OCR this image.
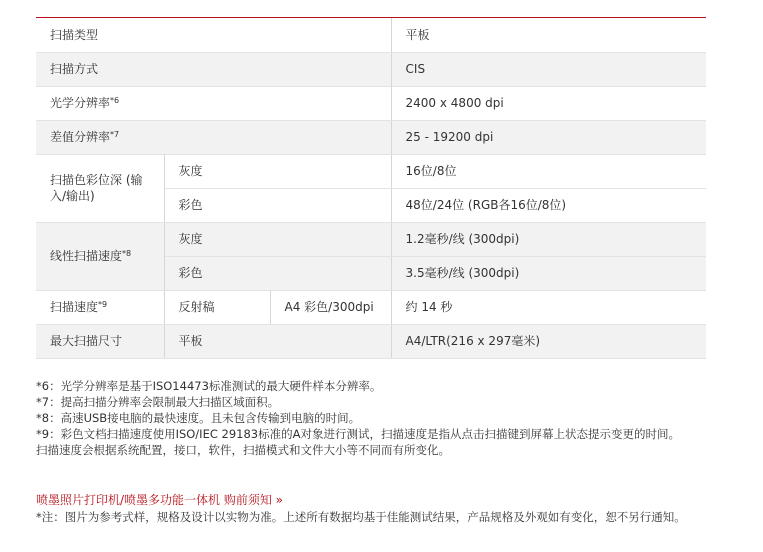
扫描类型			平板
扫描方式			CIS
光学分辨率$^{*6}$			2400 x 4800 dpi
差值分辨率$^{*7}$			25 - 19200 dpi
扫描色彩位深 (输入/输出)	灰度		16位/8位
	彩色		48位/24位 (RGB各16位/8位)
线性扫描速度$^{*8}$	灰度		1.2毫秒/线 (300dpi)
	彩色		3.5毫秒/线 (300dpi)
扫描速度$^{*9}$	反射稿	A4 彩色/300dpi	约 14 秒
最大扫描尺寸	平板		A4/LTR(216 x 297毫米)

*6：光学分辨率是基于ISO14473标准测试的最大硬件样本分辨率。

*7：提高扫描分辨率会限制最大扫描区域面积。

*8：高速USB接电脑的最快速度。且未包含传输到电脑的时间。

*9：彩色文档扫描速度使用ISO/IEC 29183标准的A对象进行测试，扫描速度是指从点击扫描键到屏幕上状态提示变更的时间。

扫描速度会根据系统配置，接口，软件，扫描模式和文件大小等不同而有所变化。

喷墨照片打印机/喷墨多功能一体机 购前须知 »
*注：图片为参考式样，规格及设计以实物为准。上述所有数据均基于佳能测试结果，产品规格及外观如有变化，恕不另行通知。
